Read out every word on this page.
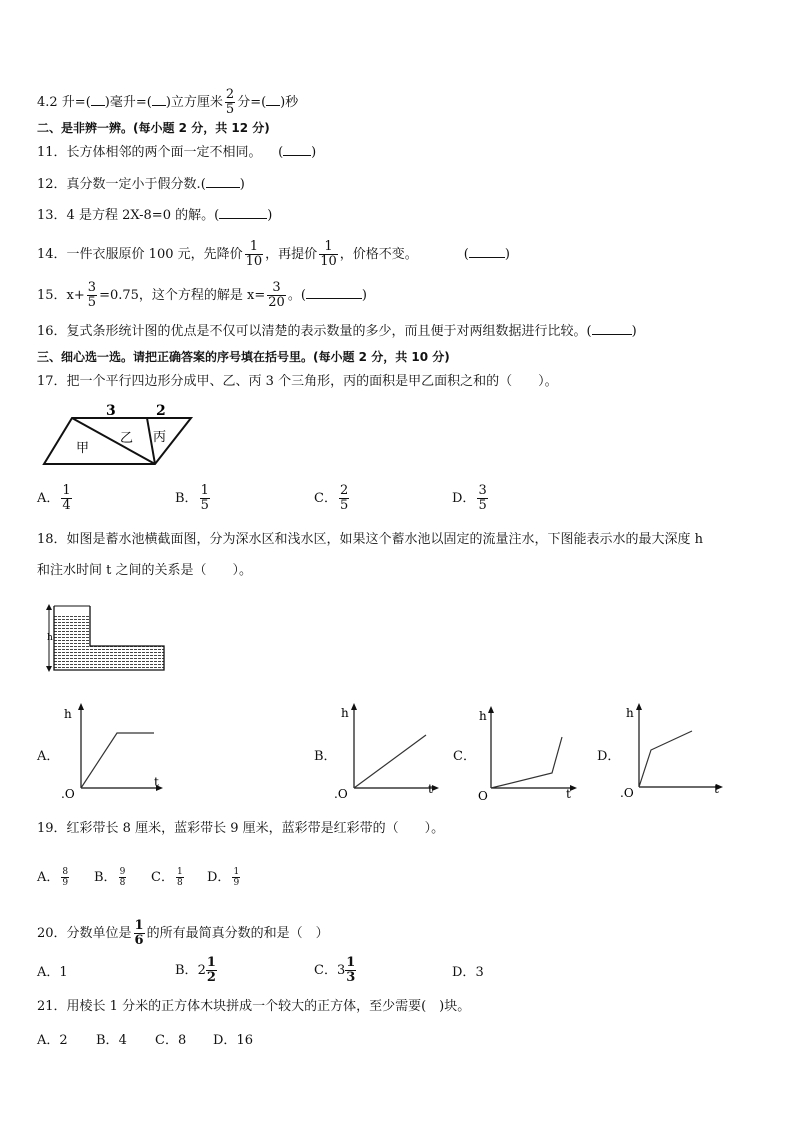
4.2 升=( )毫升=( )立方厘米 $\frac{2}{5}$ 分=( )秒
二、是非辨一辨。(每小题 2 分，共 12 分)
11．长方体相邻的两个面一定不相同。 ( )
12．真分数一定小于假分数.(	)
13．4 是方程 2X-8=0 的解。(	)
14．一件衣服原价 100 元，先降价 $\frac{1}{10}$ ，再提价 $\frac{1}{10}$ ，价格不变。	(	)
15．$x+ \frac{3}{5} =0.75$，这个方程的解是 $x= \frac{3}{20}$ 。(	)
16．复式条形统计图的优点是不仅可以清楚的表示数量的多少，而且便于对两组数据进行比较。(	)
三、细心选一选。请把正确答案的序号填在括号里。(每小题 2 分，共 10 分)
17．把一个平行四边形分成甲、乙、丙 3 个三角形，丙的面积是甲乙面积之和的（　　）。
3	2
甲
乙 丙
A． $\frac{1}{4}$	B． $\frac{1}{5}$	C． $\frac{2}{5}$	D． $\frac{3}{5}$
18．如图是蓄水池横截面图，分为深水区和浅水区，如果这个蓄水池以固定的流量注水，下图能表示水的最大深度 h
和注水时间 t 之间的关系是（　　）。
h
A．
h
t
.O
B．
h
t
.O
C．
h
t
O
D．
h
t
.O
19．红彩带长 8 厘米，蓝彩带长 9 厘米，蓝彩带是红彩带的（　　）。
A． $\frac{8}{9}$ B． $\frac{9}{8}$ C． $\frac{1}{8}$ D． $\frac{1}{9}$
20．分数单位是 $\frac{1}{6}$ 的所有最简真分数的和是（　）
A．1	B．$2 \frac{1}{2}$	C．$3 \frac{1}{3}$	D．3
21．用棱长 1 分米的正方体木块拼成一个较大的正方体，至少需要(　)块。
A．2 B．4 C．8 D．16
